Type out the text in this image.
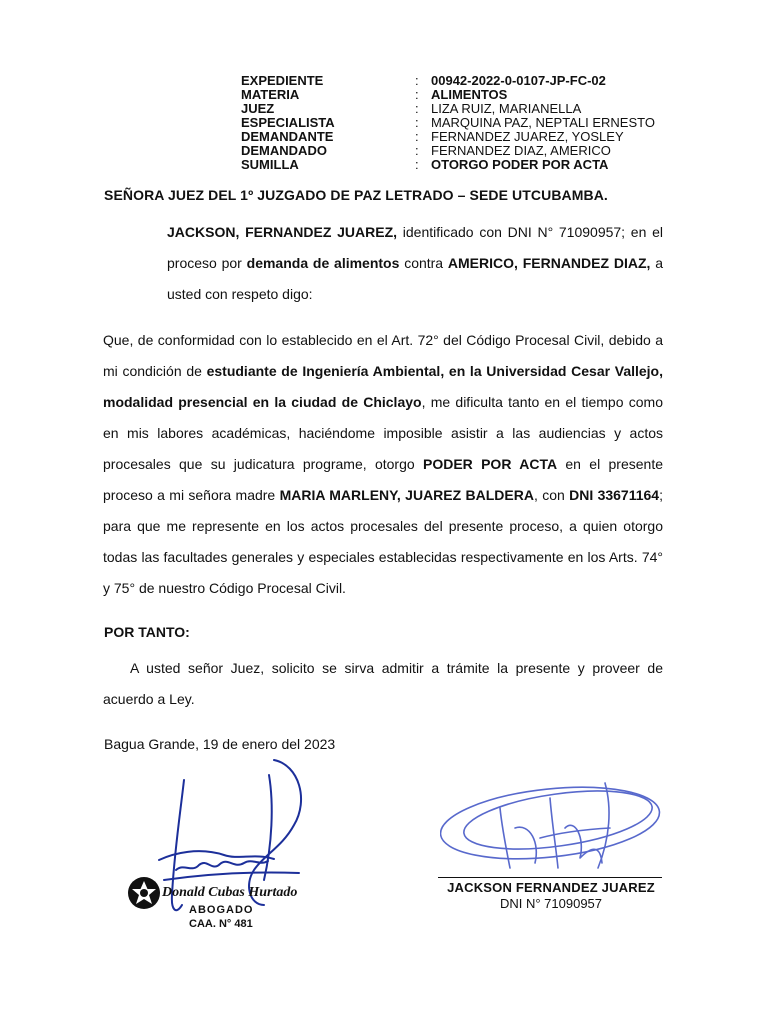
EXPEDIENTE	:	00942-2022-0-0107-JP-FC-02
MATERIA	:	ALIMENTOS
JUEZ	:	LIZA RUIZ, MARIANELLA
ESPECIALISTA	:	MARQUINA PAZ, NEPTALI ERNESTO
DEMANDANTE	:	FERNANDEZ JUAREZ, YOSLEY
DEMANDADO	:	FERNANDEZ DIAZ, AMERICO
SUMILLA	:	OTORGO PODER POR ACTA
SEÑORA JUEZ DEL 1º JUZGADO DE PAZ LETRADO – SEDE UTCUBAMBA.
JACKSON, FERNANDEZ JUAREZ, identificado con DNI N° 71090957; en el proceso por demanda de alimentos contra AMERICO, FERNANDEZ DIAZ, a usted con respeto digo:
Que, de conformidad con lo establecido en el Art. 72° del Código Procesal Civil, debido a mi condición de estudiante de Ingeniería Ambiental, en la Universidad Cesar Vallejo, modalidad presencial en la ciudad de Chiclayo, me dificulta tanto en el tiempo como en mis labores académicas, haciéndome imposible asistir a las audiencias y actos procesales que su judicatura programe, otorgo PODER POR ACTA en el presente proceso a mi señora madre MARIA MARLENY, JUAREZ BALDERA, con DNI 33671164; para que me represente en los actos procesales del presente proceso, a quien otorgo todas las facultades generales y especiales establecidas respectivamente en los Arts. 74° y 75° de nuestro Código Procesal Civil.
POR TANTO:
A usted señor Juez, solicito se sirva admitir a trámite la presente y proveer de acuerdo a Ley.
Bagua Grande, 19 de enero del 2023
Donald Cubas Hurtado
ABOGADO
CAA. N° 481
JACKSON FERNANDEZ JUAREZ
DNI N° 71090957
